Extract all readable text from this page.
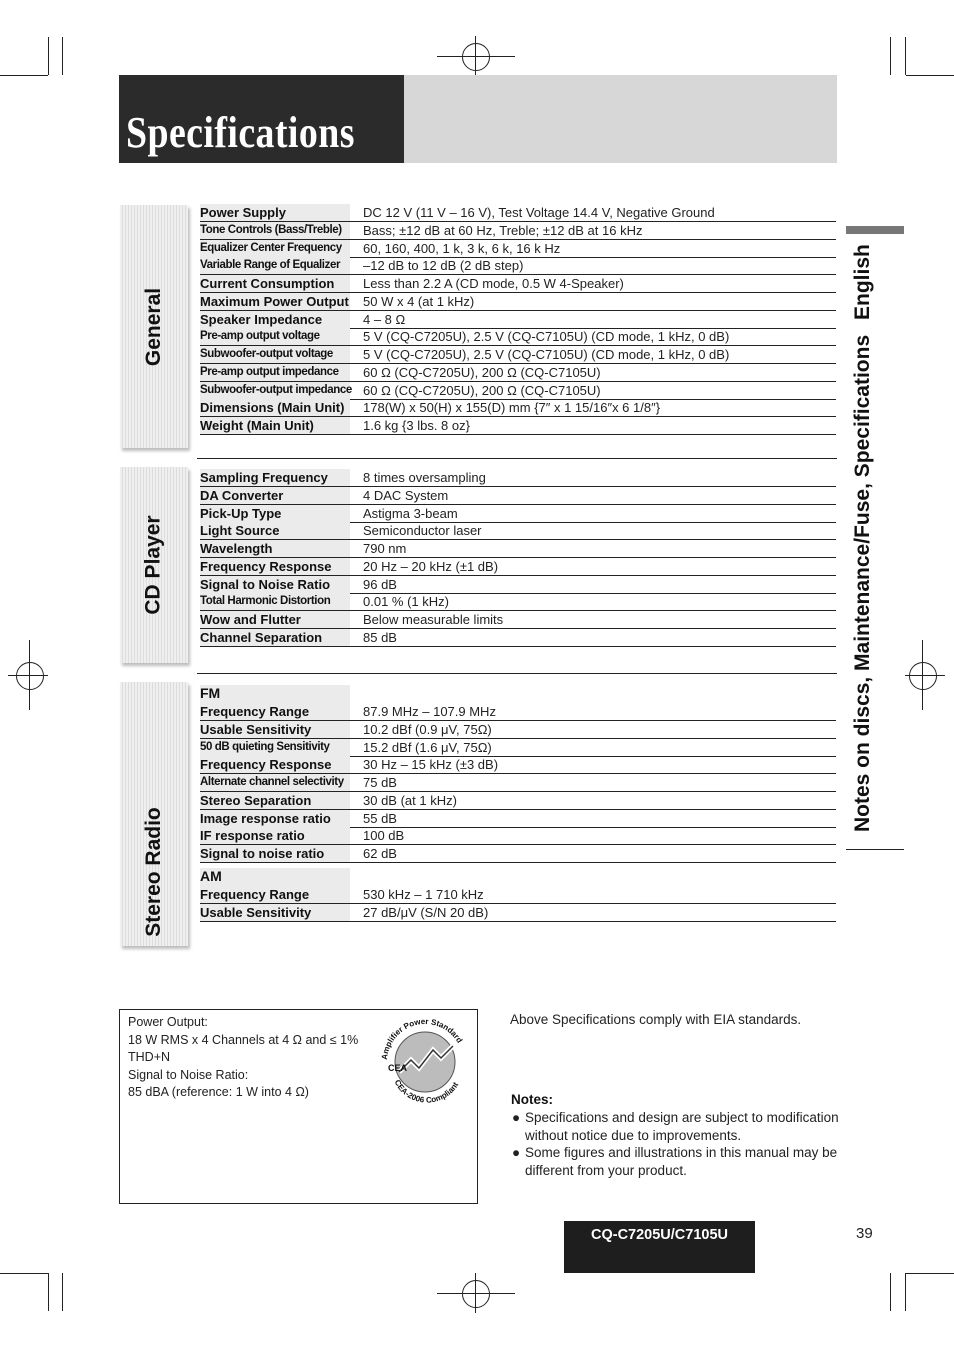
Specifications
General
CD Player
Stereo Radio
Power Supply	DC 12 V (11 V – 16 V), Test Voltage 14.4 V, Negative Ground
Tone Controls (Bass/Treble)	Bass; ±12 dB at 60 Hz, Treble; ±12 dB at 16 kHz
Equalizer Center Frequency	60, 160, 400, 1 k, 3 k, 6 k, 16 k Hz
Variable Range of Equalizer	–12 dB to 12 dB (2 dB step)
Current Consumption	Less than 2.2 A (CD mode, 0.5 W 4-Speaker)
Maximum Power Output 50 W x 4 (at 1 kHz)
Speaker Impedance	4 – 8 Ω
Pre-amp output voltage	5 V (CQ-C7205U), 2.5 V (CQ-C7105U) (CD mode, 1 kHz, 0 dB)
Subwoofer-output voltage	5 V (CQ-C7205U), 2.5 V (CQ-C7105U) (CD mode, 1 kHz, 0 dB)
Pre-amp output impedance	60 Ω (CQ-C7205U), 200 Ω (CQ-C7105U)
Subwoofer-output impedance 60 Ω (CQ-C7205U), 200 Ω (CQ-C7105U)
Dimensions (Main Unit)	178(W) x 50(H) x 155(D) mm {7″ x 1 15/16″x 6 1/8″}
Weight (Main Unit)	1.6 kg {3 lbs. 8 oz}
Sampling Frequency	8 times oversampling
DA Converter	4 DAC System
Pick-Up Type	Astigma 3-beam
Light Source	Semiconductor laser
Wavelength	790 nm
Frequency Response	20 Hz – 20 kHz (±1 dB)
Signal to Noise Ratio	96 dB
Total Harmonic Distortion	0.01 % (1 kHz)
Wow and Flutter	Below measurable limits
Channel Separation	85 dB
FM
Frequency Range	87.9 MHz – 107.9 MHz
Usable Sensitivity	10.2 dBf (0.9 μV, 75Ω)
50 dB quieting Sensitivity	15.2 dBf (1.6 μV, 75Ω)
Frequency Response	30 Hz – 15 kHz (±3 dB)
Alternate channel selectivity	75 dB
Stereo Separation	30 dB (at 1 kHz)
Image response ratio	55 dB
IF response ratio	100 dB
Signal to noise ratio	62 dB
AM
Frequency Range	530 kHz – 1 710 kHz
Usable Sensitivity	27 dB/μV (S/N 20 dB)
English
Notes on discs, Maintenance/Fuse, Specifications
Power Output:
18 W RMS x 4 Channels at 4 Ω and ≤ 1%
THD+N
Signal to Noise Ratio:
85 dBA (reference: 1 W into 4 Ω)
Amplifier Power Standard
CEA-2006 Compliant
CEA
Above Specifications comply with EIA standards.
Notes:
● Specifications and design are subject to modification without notice due to improvements.
● Some figures and illustrations in this manual may be different from your product.
CQ-C7205U/C7105U	39
